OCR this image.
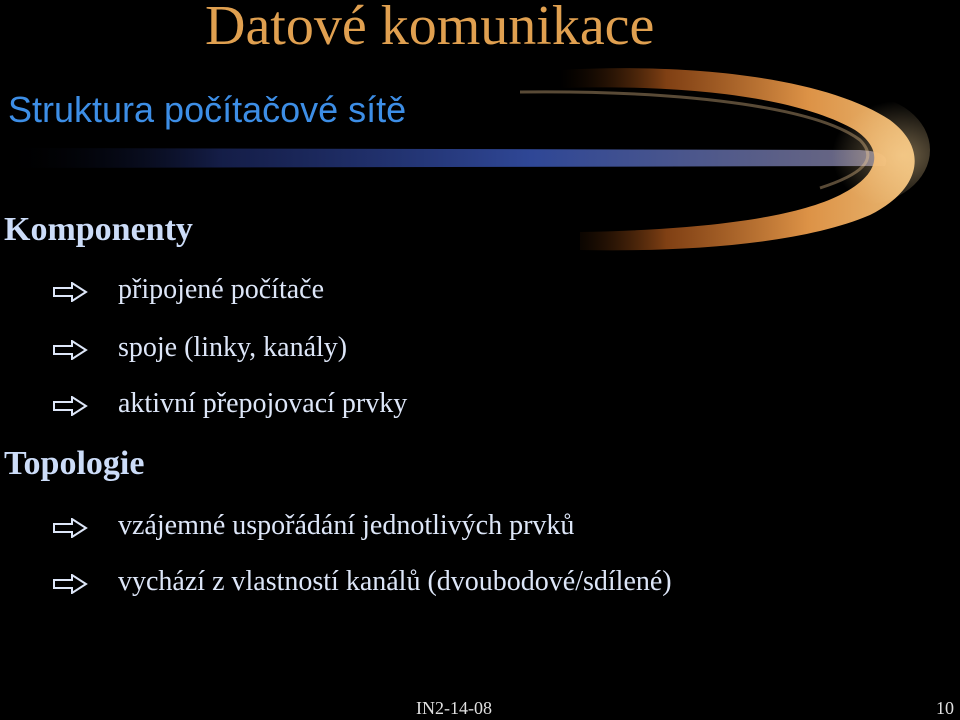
Datové komunikace
Struktura počítačové sítě
Komponenty
připojené počítače
spoje (linky, kanály)
aktivní přepojovací prvky
Topologie
vzájemné uspořádání jednotlivých prvků
vychází z vlastností kanálů (dvoubodové/sdílené)
IN2-14-08	10
